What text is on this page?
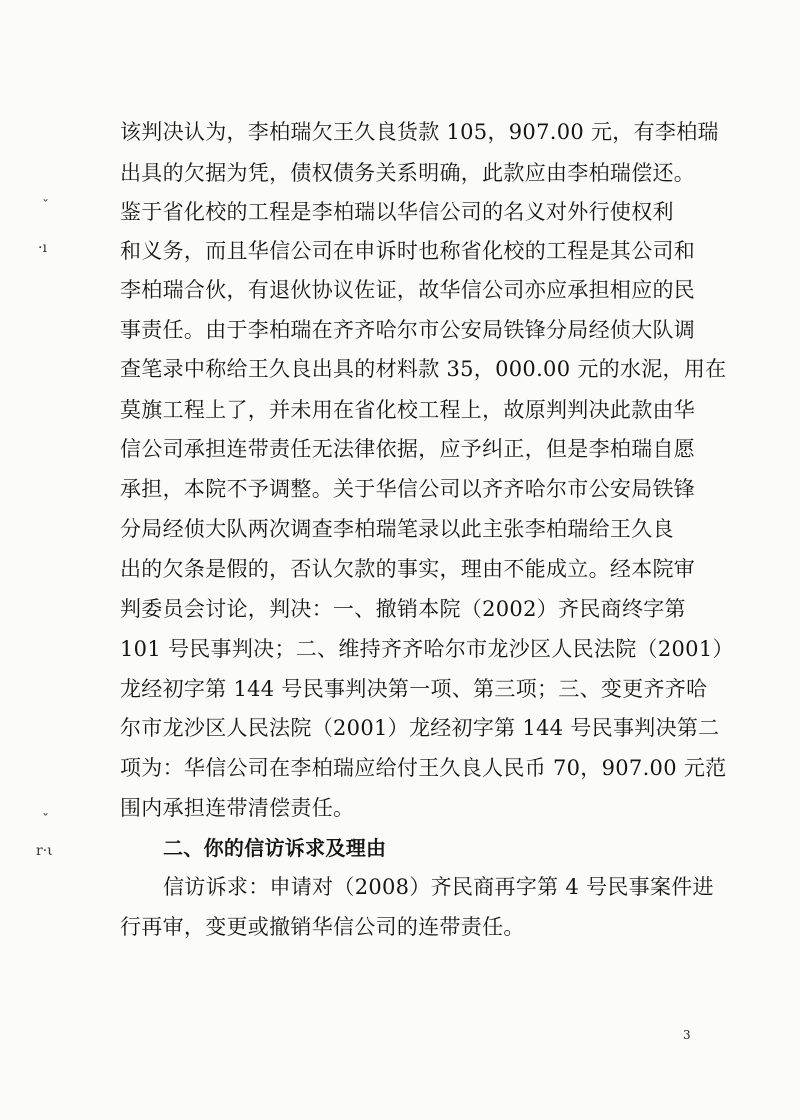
ˇ
·ı
ˇ
r·ι
该判决认为，李柏瑞欠王久良货款 105，907.00 元，有李柏瑞
出具的欠据为凭，债权债务关系明确，此款应由李柏瑞偿还。
鉴于省化校的工程是李柏瑞以华信公司的名义对外行使权利
和义务，而且华信公司在申诉时也称省化校的工程是其公司和
李柏瑞合伙，有退伙协议佐证，故华信公司亦应承担相应的民
事责任。由于李柏瑞在齐齐哈尔市公安局铁锋分局经侦大队调
查笔录中称给王久良出具的材料款 35，000.00 元的水泥，用在
莫旗工程上了，并未用在省化校工程上，故原判判决此款由华
信公司承担连带责任无法律依据，应予纠正，但是李柏瑞自愿
承担，本院不予调整。关于华信公司以齐齐哈尔市公安局铁锋
分局经侦大队两次调查李柏瑞笔录以此主张李柏瑞给王久良
出的欠条是假的，否认欠款的事实，理由不能成立。经本院审
判委员会讨论，判决：一、撤销本院（2002）齐民商终字第
101 号民事判决；二、维持齐齐哈尔市龙沙区人民法院（2001）
龙经初字第 144 号民事判决第一项、第三项；三、变更齐齐哈
尔市龙沙区人民法院（2001）龙经初字第 144 号民事判决第二
项为：华信公司在李柏瑞应给付王久良人民币 70，907.00 元范
围内承担连带清偿责任。
二、你的信访诉求及理由
信访诉求：申请对（2008）齐民商再字第 4 号民事案件进
行再审，变更或撤销华信公司的连带责任。
3
